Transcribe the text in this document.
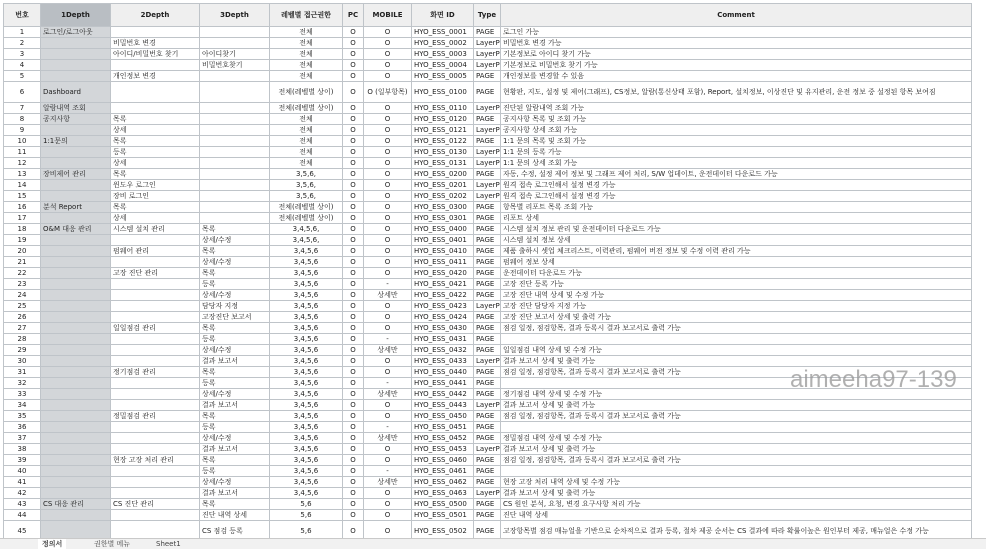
번호	1Depth	2Depth	3Depth	레벨별 접근권한	PC	MOBILE	화면 ID	Type	Comment
1	로그인/로그아웃			전체	O	O	HYO_ESS_0001	PAGE	로그인 가능
2		비밀번호 변경		전체	O	O	HYO_ESS_0002	LayerP	비밀번호 변경 가능
3		아이디/비밀번호 찾기	아이디찾기	전체	O	O	HYO_ESS_0003	LayerP	기본정보로 아이디 찾기 가능
4			비밀번호찾기	전체	O	O	HYO_ESS_0004	LayerP	기본정보로 비밀번호 찾기 가능
5		개인정보 변경		전체	O	O	HYO_ESS_0005	PAGE	개인정보를 변경할 수 있음
6	Dashboard			전체(레벨별 상이)	O	O (일부항목)	HYO_ESS_0100	PAGE	현황판, 지도, 설정 및 제어(그래프), CS정보, 알람(통신상태 포함), Report, 설치정보, 이상진단 및 유지관리, 운전 정보 중 설정된 항목 보여짐
7	알람내역 조회			전체(레벨별 상이)	O	O	HYO_ESS_0110	LayerP	진단된 알람내역 조회 가능
8	공지사항	목록		전체	O	O	HYO_ESS_0120	PAGE	공지사항 목록 및 조회 가능
9		상세		전체	O	O	HYO_ESS_0121	LayerP	공지사항 상세 조회 가능
10	1:1문의	목록		전체	O	O	HYO_ESS_0122	PAGE	1:1 문의 목록 및 조회 가능
11		등록		전체	O	O	HYO_ESS_0130	LayerP	1:1 문의 등록 가능
12		상세		전체	O	O	HYO_ESS_0131	LayerP	1:1 문의 상세 조회 가능
13	장비제어 관리	목록		3,5,6,	O	O	HYO_ESS_0200	PAGE	자동, 수정, 설정 제어 정보 및 그래프 제어 처리, S/W 업데이트, 운전데이터 다운로드 가능
14		윈도우 로그인		3,5,6,	O	O	HYO_ESS_0201	LayerP	원격 접속 로그인해서 설정 변경 가능
15		장비 로그인		3,5,6,	O	O	HYO_ESS_0202	LayerP	원격 접속 로그인해서 설정 변경 가능
16	분석 Report	목록		전체(레벨별 상이)	O	O	HYO_ESS_0300	PAGE	항목별 리포트 목록 조회 가능
17		상세		전체(레벨별 상이)	O	O	HYO_ESS_0301	PAGE	리포트 상세
18	O&M 대응 관리	시스템 설치 관리	목록	3,4,5,6,	O	O	HYO_ESS_0400	PAGE	시스템 설치 정보 관리 및 운전데이터 다운로드 가능
19			상세/수정	3,4,5,6,	O	O	HYO_ESS_0401	PAGE	시스템 설치 정보 상세
20		펌웨어 관리	목록	3,4,5,6	O	O	HYO_ESS_0410	PAGE	제품 출하시 셋업 체크리스트, 이력관리, 펌웨어 버전 정보 및 수정 이력 관리 가능
21			상세/수정	3,4,5,6	O	O	HYO_ESS_0411	PAGE	펌웨어 정보 상세
22		고장 진단 관리	목록	3,4,5,6	O	O	HYO_ESS_0420	PAGE	운전데이터 다운로드 가능
23			등록	3,4,5,6	O	-	HYO_ESS_0421	PAGE	고장 진단 등록 가능
24			상세/수정	3,4,5,6	O	상세만	HYO_ESS_0422	PAGE	고장 진단 내역 상세 및 수정 가능
25			담당자 지정	3,4,5,6	O	O	HYO_ESS_0423	LayerP	고장 진단 담당자 지정 가능
26			고장진단 보고서	3,4,5,6	O	O	HYO_ESS_0424	PAGE	고장 진단 보고서 상세 및 출력 가능
27		일일점검 관리	목록	3,4,5,6	O	O	HYO_ESS_0430	PAGE	점검 일정, 점검항목, 결과 등록시 결과 보고서로 출력 가능
28			등록	3,4,5,6	O	-	HYO_ESS_0431	PAGE	
29			상세/수정	3,4,5,6	O	상세만	HYO_ESS_0432	PAGE	일일점검 내역 상세 및 수정 가능
30			결과 보고서	3,4,5,6	O	O	HYO_ESS_0433	LayerP	결과 보고서 상세 및 출력 가능
31		정기점검 관리	목록	3,4,5,6	O	O	HYO_ESS_0440	PAGE	점검 일정, 점검항목, 결과 등록시 결과 보고서로 출력 가능
32			등록	3,4,5,6	O	-	HYO_ESS_0441	PAGE	
33			상세/수정	3,4,5,6	O	상세만	HYO_ESS_0442	PAGE	정기점검 내역 상세 및 수정 가능
34			결과 보고서	3,4,5,6	O	O	HYO_ESS_0443	LayerP	결과 보고서 상세 및 출력 가능
35		정밀점검 관리	목록	3,4,5,6	O	O	HYO_ESS_0450	PAGE	점검 일정, 점검항목, 결과 등록시 결과 보고서로 출력 가능
36			등록	3,4,5,6	O	-	HYO_ESS_0451	PAGE	
37			상세/수정	3,4,5,6	O	상세만	HYO_ESS_0452	PAGE	정밀점검 내역 상세 및 수정 가능
38			결과 보고서	3,4,5,6	O	O	HYO_ESS_0453	LayerP	결과 보고서 상세 및 출력 가능
39		현장 고장 처리 관리	목록	3,4,5,6	O	O	HYO_ESS_0460	PAGE	점검 일정, 점검항목, 결과 등록시 결과 보고서로 출력 가능
40			등록	3,4,5,6	O	-	HYO_ESS_0461	PAGE	
41			상세/수정	3,4,5,6	O	상세만	HYO_ESS_0462	PAGE	현장 고장 처리 내역 상세 및 수정 가능
42			결과 보고서	3,4,5,6	O	O	HYO_ESS_0463	LayerP	결과 보고서 상세 및 출력 가능
43	CS 대응 관리	CS 진단 관리	목록	5,6	O	O	HYO_ESS_0500	PAGE	CS 원인 분석, 요청, 변경 요구사항 처리 가능
44			진단 내역 상세	5,6	O	O	HYO_ESS_0501	PAGE	진단 내역 상세
45			CS 점검 등록	5,6	O	O	HYO_ESS_0502	PAGE	고장항목별 점검 매뉴얼을 기반으로 순차적으로 결과 등록, 절차 제공 순서는 CS 결과에 따라 확률이높은 원인부터 제공, 매뉴얼은 수정 가능
aimeeha97-139
정의서	권한별 메뉴	Sheet1
